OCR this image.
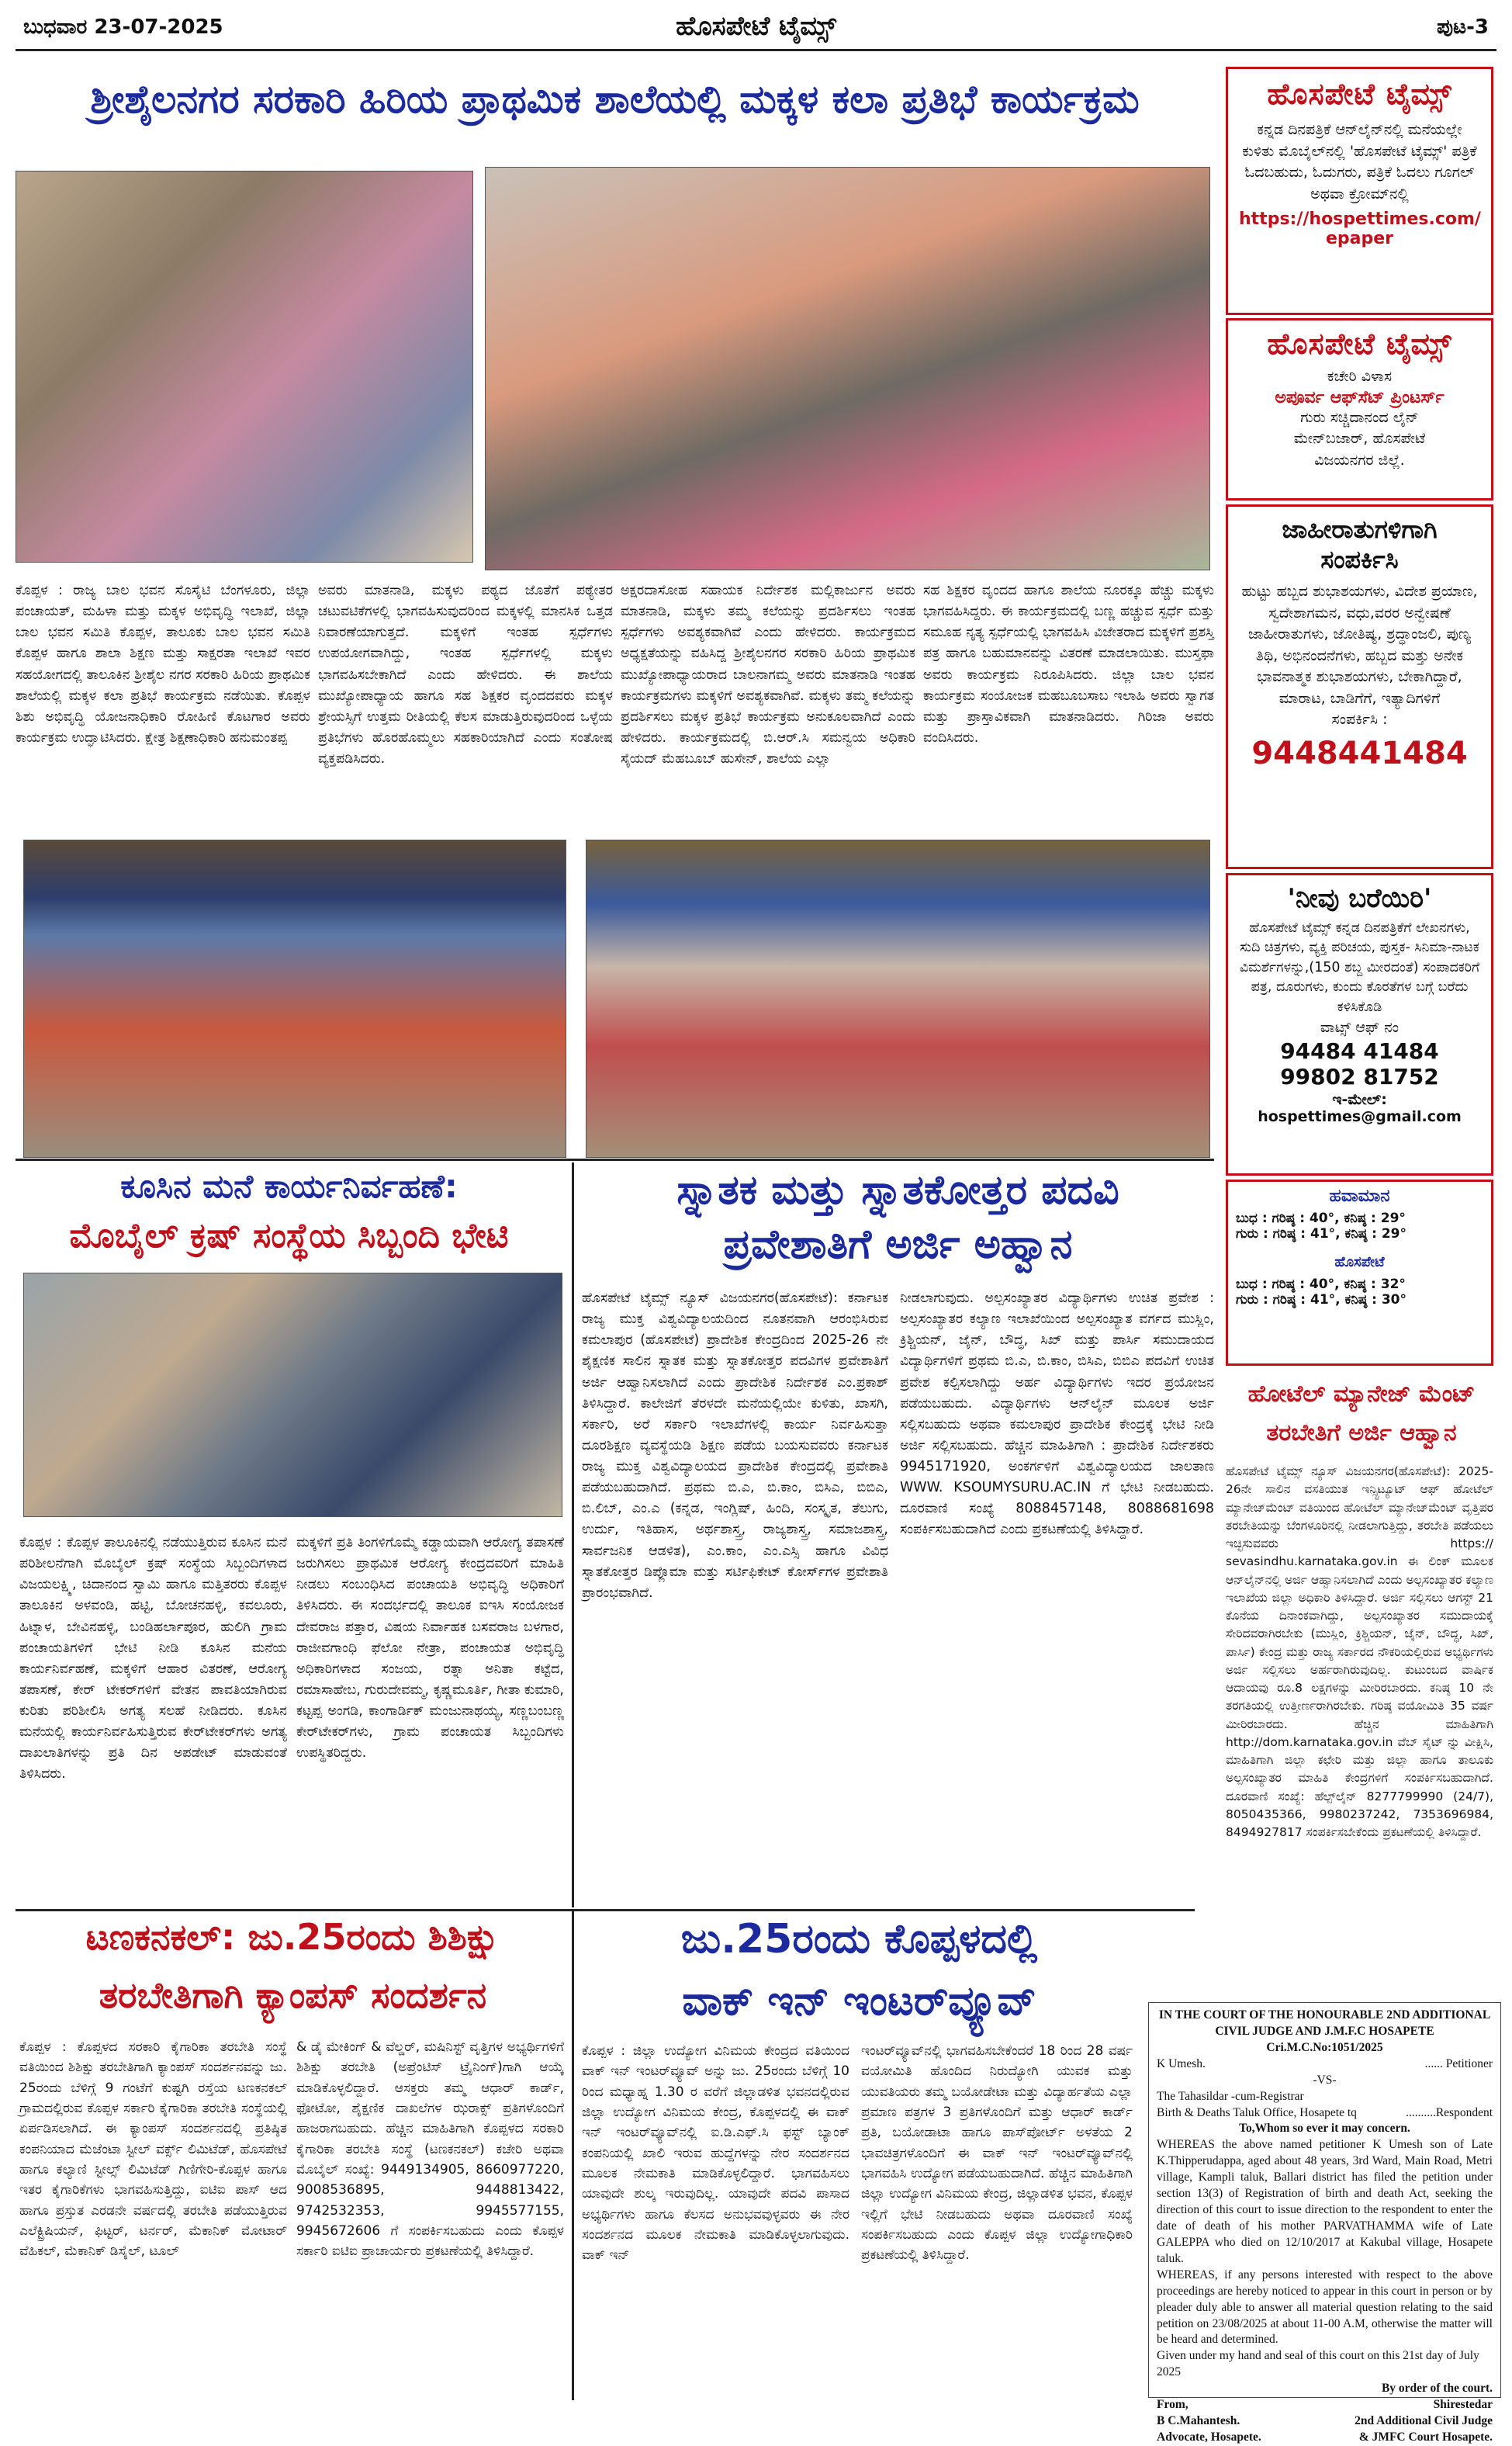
ಬುಧವಾರ 23-07-2025	ಹೊಸಪೇಟೆ ಟೈಮ್ಸ್	ಪುಟ-3
ಶ್ರೀಶೈಲನಗರ ಸರಕಾರಿ ಹಿರಿಯ ಪ್ರಾಥಮಿಕ ಶಾಲೆಯಲ್ಲಿ ಮಕ್ಕಳ ಕಲಾ ಪ್ರತಿಭೆ ಕಾರ್ಯಕ್ರಮ
ಕೊಪ್ಪಳ : ರಾಜ್ಯ ಬಾಲ ಭವನ ಸೊಸೈಟಿ ಬೆಂಗಳೂರು, ಜಿಲ್ಲಾ ಪಂಚಾಯತ್, ಮಹಿಳಾ ಮತ್ತು ಮಕ್ಕಳ ಅಭಿವೃದ್ಧಿ ಇಲಾಖೆ, ಜಿಲ್ಲಾ ಬಾಲ ಭವನ ಸಮಿತಿ ಕೊಪ್ಪಳ, ತಾಲೂಕು ಬಾಲ ಭವನ ಸಮಿತಿ ಕೊಪ್ಪಳ ಹಾಗೂ ಶಾಲಾ ಶಿಕ್ಷಣ ಮತ್ತು ಸಾಕ್ಷರತಾ ಇಲಾಖೆ ಇವರ ಸಹಯೋಗದಲ್ಲಿ ತಾಲೂಕಿನ ಶ್ರೀಶೈಲ ನಗರ ಸರಕಾರಿ ಹಿರಿಯ ಪ್ರಾಥಮಿಕ ಶಾಲೆಯಲ್ಲಿ ಮಕ್ಕಳ ಕಲಾ ಪ್ರತಿಭೆ ಕಾರ್ಯಕ್ರಮ ನಡೆಯಿತು. ಕೊಪ್ಪಳ ಶಿಶು ಅಭಿವೃದ್ಧಿ ಯೋಜನಾಧಿಕಾರಿ ರೋಹಿಣಿ ಕೊಟಗಾರ ಅವರು ಕಾರ್ಯಕ್ರಮ ಉದ್ಘಾಟಿಸಿದರು. ಕ್ಷೇತ್ರ ಶಿಕ್ಷಣಾಧಿಕಾರಿ ಹನುಮಂತಪ್ಪ
ಅವರು ಮಾತನಾಡಿ, ಮಕ್ಕಳು ಪಠ್ಯದ ಜೊತೆಗೆ ಪಠ್ಯೇತರ ಚಟುವಟಿಕೆಗಳಲ್ಲಿ ಭಾಗವಹಿಸುವುದರಿಂದ ಮಕ್ಕಳಲ್ಲಿ ಮಾನಸಿಕ ಒತ್ತಡ ನಿವಾರಣೆಯಾಗುತ್ತದೆ. ಮಕ್ಕಳಿಗೆ ಇಂತಹ ಸ್ಪರ್ಧೆಗಳು ಉಪಯೋಗವಾಗಿದ್ದು, ಇಂತಹ ಸ್ಪರ್ಧೆಗಳಲ್ಲಿ ಮಕ್ಕಳು ಭಾಗವಹಿಸಬೇಕಾಗಿದೆ ಎಂದು ಹೇಳಿದರು. ಈ ಶಾಲೆಯ ಮುಖ್ಯೋಪಾಧ್ಯಾಯ ಹಾಗೂ ಸಹ ಶಿಕ್ಷಕರ ವೃಂದದವರು ಮಕ್ಕಳ ಶ್ರೇಯಸ್ಸಿಗೆ ಉತ್ತಮ ರೀತಿಯಲ್ಲಿ ಕೆಲಸ ಮಾಡುತ್ತಿರುವುದರಿಂದ ಒಳ್ಳೆಯ ಪ್ರತಿಭೆಗಳು ಹೊರಹೊಮ್ಮಲು ಸಹಕಾರಿಯಾಗಿದೆ ಎಂದು ಸಂತೋಷ ವ್ಯಕ್ತಪಡಿಸಿದರು.
ಅಕ್ಷರದಾಸೋಹ ಸಹಾಯಕ ನಿರ್ದೇಶಕ ಮಲ್ಲಿಕಾರ್ಜುನ ಅವರು ಮಾತನಾಡಿ, ಮಕ್ಕಳು ತಮ್ಮ ಕಲೆಯನ್ನು ಪ್ರದರ್ಶಿಸಲು ಇಂತಹ ಸ್ಪರ್ಧೆಗಳು ಅವಶ್ಯಕವಾಗಿವೆ ಎಂದು ಹೇಳಿದರು. ಕಾರ್ಯಕ್ರಮದ ಅಧ್ಯಕ್ಷತೆಯನ್ನು ವಹಿಸಿದ್ದ ಶ್ರೀಶೈಲನಗರ ಸರಕಾರಿ ಹಿರಿಯ ಪ್ರಾಥಮಿಕ ಮುಖ್ಯೋಪಾಧ್ಯಾಯರಾದ ಬಾಲನಾಗಮ್ಮ ಅವರು ಮಾತನಾಡಿ ಇಂತಹ ಕಾರ್ಯಕ್ರಮಗಳು ಮಕ್ಕಳಿಗೆ ಅವಶ್ಯಕವಾಗಿವೆ. ಮಕ್ಕಳು ತಮ್ಮ ಕಲೆಯನ್ನು ಪ್ರದರ್ಶಿಸಲು ಮಕ್ಕಳ ಪ್ರತಿಭೆ ಕಾರ್ಯಕ್ರಮ ಅನುಕೂಲವಾಗಿದೆ ಎಂದು ಹೇಳಿದರು. ಕಾರ್ಯಕ್ರಮದಲ್ಲಿ ಬಿ.ಆರ್.ಸಿ ಸಮನ್ವಯ ಅಧಿಕಾರಿ ಸೈಯದ್ ಮೆಹಬೂಬ್ ಹುಸೇನ್, ಶಾಲೆಯ ಎಲ್ಲಾ
ಸಹ ಶಿಕ್ಷಕರ ವೃಂದದ ಹಾಗೂ ಶಾಲೆಯ ನೂರಕ್ಕೂ ಹೆಚ್ಚು ಮಕ್ಕಳು ಭಾಗವಹಿಸಿದ್ದರು. ಈ ಕಾರ್ಯಕ್ರಮದಲ್ಲಿ ಬಣ್ಣ ಹಚ್ಚುವ ಸ್ಪರ್ಧೆ ಮತ್ತು ಸಮೂಹ ನೃತ್ಯ ಸ್ಪರ್ಧೆಯಲ್ಲಿ ಭಾಗವಹಿಸಿ ವಿಜೇತರಾದ ಮಕ್ಕಳಿಗೆ ಪ್ರಶಸ್ತಿ ಪತ್ರ ಹಾಗೂ ಬಹುಮಾನವನ್ನು ವಿತರಣೆ ಮಾಡಲಾಯಿತು. ಮುಸ್ತಫಾ ಅವರು ಕಾರ್ಯಕ್ರಮ ನಿರೂಪಿಸಿದರು. ಜಿಲ್ಲಾ ಬಾಲ ಭವನ ಕಾರ್ಯಕ್ರಮ ಸಂಯೋಜಕ ಮಹಬೂಬಸಾಬ ಇಲಾಹಿ ಅವರು ಸ್ವಾಗತ ಮತ್ತು ಪ್ರಾಸ್ತಾವಿಕವಾಗಿ ಮಾತನಾಡಿದರು. ಗಿರಿಜಾ ಅವರು ವಂದಿಸಿದರು.
ಕೂಸಿನ ಮನೆ ಕಾರ್ಯನಿರ್ವಹಣೆ:
ಮೊಬೈಲ್ ಕ್ರಷ್ ಸಂಸ್ಥೆಯ ಸಿಬ್ಬಂದಿ ಭೇಟಿ
ಕೊಪ್ಪಳ : ಕೊಪ್ಪಳ ತಾಲೂಕಿನಲ್ಲಿ ನಡೆಯುತ್ತಿರುವ ಕೂಸಿನ ಮನೆ ಪರಿಶೀಲನೆಗಾಗಿ ಮೊಬೈಲ್ ಕ್ರಷ್ ಸಂಸ್ಥೆಯ ಸಿಬ್ಬಂದಿಗಳಾದ ವಿಜಯಲಕ್ಷ್ಮಿ, ಚಿದಾನಂದ ಸ್ವಾಮಿ ಹಾಗೂ ಮತ್ತಿತರರು ಕೊಪ್ಪಳ ತಾಲೂಕಿನ ಅಳವಂಡಿ, ಹಟ್ಟಿ, ಬೋಚನಹಳ್ಳಿ, ಕವಲೂರು, ಹಿಟ್ನಾಳ, ಬೇವಿನಹಳ್ಳಿ, ಬಂಡಿಹರ್ಲಾಪೂರ, ಹುಲಿಗಿ ಗ್ರಾಮ ಪಂಚಾಯತಿಗಳಿಗೆ ಭೇಟಿ ನೀಡಿ ಕೂಸಿನ ಮನೆಯ ಕಾರ್ಯನಿರ್ವಹಣೆ, ಮಕ್ಕಳಿಗೆ ಆಹಾರ ವಿತರಣೆ, ಆರೋಗ್ಯ ತಪಾಸಣೆ, ಕೇರ್ ಟೇಕರ್‌ಗಳಿಗೆ ವೇತನ ಪಾವತಿಯಾಗಿರುವ ಕುರಿತು ಪರಿಶೀಲಿಸಿ ಅಗತ್ಯ ಸಲಹೆ ನೀಡಿದರು. ಕೂಸಿನ ಮನೆಯಲ್ಲಿ ಕಾರ್ಯನಿರ್ವಹಿಸುತ್ತಿರುವ ಕೇರ್‌ಟೇಕರ್‌ಗಳು ಅಗತ್ಯ ದಾಖಲಾತಿಗಳನ್ನು ಪ್ರತಿ ದಿನ ಅಪಡೇಟ್ ಮಾಡುವಂತೆ ತಿಳಿಸಿದರು.
ಮಕ್ಕಳಿಗೆ ಪ್ರತಿ ತಿಂಗಳಿಗೊಮ್ಮೆ ಕಡ್ಡಾಯವಾಗಿ ಆರೋಗ್ಯ ತಪಾಸಣೆ ಜರುಗಿಸಲು ಪ್ರಾಥಮಿಕ ಆರೋಗ್ಯ ಕೇಂದ್ರದವರಿಗೆ ಮಾಹಿತಿ ನೀಡಲು ಸಂಬಂಧಿಸಿದ ಪಂಚಾಯತಿ ಅಭಿವೃದ್ಧಿ ಅಧಿಕಾರಿಗೆ ತಿಳಿಸಿದರು. ಈ ಸಂದರ್ಭದಲ್ಲಿ ತಾಲೂಕ ಐಇಸಿ ಸಂಯೋಜಕ ದೇವರಾಜ ಪತ್ತಾರ, ವಿಷಯ ನಿರ್ವಾಹಕ ಬಸವರಾಜ ಬಳಗಾರ, ರಾಜೀವಗಾಂಧಿ ಫೆಲೋ ನೇತ್ರಾ, ಪಂಚಾಯತ ಅಭಿವೃದ್ಧಿ ಅಧಿಕಾರಿಗಳಾದ ಸಂಜಯ, ರತ್ನಾ ಅನಿತಾ ಕಟ್ಟೆದ, ರಮಾಸಾಹೇಬ, ಗುರುದೇವಮ್ಮ, ಕೃಷ್ಣಮೂರ್ತಿ, ಗೀತಾ ಕುಮಾರಿ, ಕಟ್ಟಪ್ಪ ಅಂಗಡಿ, ಕಾಂಗಾರ್ಡಿಕ್ ಮಂಜುನಾಥಯ್ಯ, ಸಣ್ಣಬಂಬಣ್ಣ ಕೇರ್‌ಟೇಕರ್‌ಗಳು, ಗ್ರಾಮ ಪಂಚಾಯತ ಸಿಬ್ಬಂದಿಗಳು ಉಪಸ್ಥಿತರಿದ್ದರು.
ಸ್ನಾತಕ ಮತ್ತು ಸ್ನಾತಕೋತ್ತರ ಪದವಿ
ಪ್ರವೇಶಾತಿಗೆ ಅರ್ಜಿ ಅಹ್ವಾನ
ಹೊಸಪೇಟೆ ಟೈಮ್ಸ್ ನ್ಯೂಸ್ ವಿಜಯನಗರ(ಹೊಸಪೇಟೆ): ಕರ್ನಾಟಕ ರಾಜ್ಯ ಮುಕ್ತ ವಿಶ್ವವಿದ್ಯಾಲಯದಿಂದ ನೂತನವಾಗಿ ಆರಂಭಿಸಿರುವ ಕಮಲಾಪುರ (ಹೊಸಪೇಟೆ) ಪ್ರಾದೇಶಿಕ ಕೇಂದ್ರದಿಂದ 2025-26 ನೇ ಶೈಕ್ಷಣಿಕ ಸಾಲಿನ ಸ್ನಾತಕ ಮತ್ತು ಸ್ನಾತಕೋತ್ತರ ಪದವಿಗಳ ಪ್ರವೇಶಾತಿಗೆ ಅರ್ಜಿ ಆಹ್ವಾನಿಸಲಾಗಿದೆ ಎಂದು ಪ್ರಾದೇಶಿಕ ನಿರ್ದೇಶಕ ಎಂ.ಪ್ರಕಾಶ್ ತಿಳಿಸಿದ್ದಾರೆ. ಕಾಲೇಜಿಗೆ ತೆರಳದೇ ಮನೆಯಲ್ಲಿಯೇ ಕುಳಿತು, ಖಾಸಗಿ, ಸರ್ಕಾರಿ, ಅರೆ ಸರ್ಕಾರಿ ಇಲಾಖೆಗಳಲ್ಲಿ ಕಾರ್ಯ ನಿರ್ವಹಿಸುತ್ತಾ ದೂರಶಿಕ್ಷಣ ವ್ಯವಸ್ಥೆಯಡಿ ಶಿಕ್ಷಣ ಪಡೆಯ ಬಯಸುವವರು ಕರ್ನಾಟಕ ರಾಜ್ಯ ಮುಕ್ತ ವಿಶ್ವವಿದ್ಯಾಲಯದ ಪ್ರಾದೇಶಿಕ ಕೇಂದ್ರದಲ್ಲಿ ಪ್ರವೇಶಾತಿ ಪಡೆಯಬಹುದಾಗಿದೆ. ಪ್ರಥಮ ಬಿ.ಎ, ಬಿ.ಕಾಂ, ಬಿಸಿಎ, ಬಿಬಿಎ, ಬಿ.ಲಿಬ್, ಎಂ.ಎ (ಕನ್ನಡ, ಇಂಗ್ಲಿಷ್, ಹಿಂದಿ, ಸಂಸ್ಕೃತ, ತೆಲುಗು, ಉರ್ದು, ಇತಿಹಾಸ, ಅರ್ಥಶಾಸ್ತ್ರ, ರಾಜ್ಯಶಾಸ್ತ್ರ, ಸಮಾಜಶಾಸ್ತ್ರ, ಸಾರ್ವಜನಿಕ ಆಡಳಿತ), ಎಂ.ಕಾಂ, ಎಂ.ಎಸ್ಸಿ ಹಾಗೂ ವಿವಿಧ ಸ್ನಾತಕೋತ್ತರ ಡಿಪ್ಲೊಮಾ ಮತ್ತು ಸರ್ಟಿಫಿಕೇಟ್ ಕೋರ್ಸ್‌ಗಳ ಪ್ರವೇಶಾತಿ ಪ್ರಾರಂಭವಾಗಿದೆ.
ನೀಡಲಾಗುವುದು. ಅಲ್ಪಸಂಖ್ಯಾತರ ವಿದ್ಯಾರ್ಥಿಗಳು ಉಚಿತ ಪ್ರವೇಶ : ಅಲ್ಪಸಂಖ್ಯಾತರ ಕಲ್ಯಾಣ ಇಲಾಖೆಯಿಂದ ಅಲ್ಪಸಂಖ್ಯಾತ ವರ್ಗದ ಮುಸ್ಲಿಂ, ಕ್ರಿಶ್ಚಿಯನ್, ಜೈನ್, ಬೌದ್ಧ, ಸಿಖ್ ಮತ್ತು ಪಾರ್ಸಿ ಸಮುದಾಯದ ವಿದ್ಯಾರ್ಥಿಗಳಿಗೆ ಪ್ರಥಮ ಬಿ.ಎ, ಬಿ.ಕಾಂ, ಬಿಸಿಎ, ಬಿಬಿಎ ಪದವಿಗೆ ಉಚಿತ ಪ್ರವೇಶ ಕಲ್ಪಿಸಲಾಗಿದ್ದು ಅರ್ಹ ವಿದ್ಯಾರ್ಥಿಗಳು ಇದರ ಪ್ರಯೋಜನ ಪಡೆಯಬಹುದು. ವಿದ್ಯಾರ್ಥಿಗಳು ಆನ್‌ಲೈನ್ ಮೂಲಕ ಅರ್ಜಿ ಸಲ್ಲಿಸಬಹುದು ಅಥವಾ ಕಮಲಾಪುರ ಪ್ರಾದೇಶಿಕ ಕೇಂದ್ರಕ್ಕೆ ಭೇಟಿ ನೀಡಿ ಅರ್ಜಿ ಸಲ್ಲಿಸಬಹುದು. ಹೆಚ್ಚಿನ ಮಾಹಿತಿಗಾಗಿ : ಪ್ರಾದೇಶಿಕ ನಿರ್ದೇಶಕರು 9945171920, ಅಂಕರ್ಗಳಿಗೆ ವಿಶ್ವವಿದ್ಯಾಲಯದ ಜಾಲತಾಣ WWW. KSOUMYSURU.AC.IN ಗೆ ಭೇಟಿ ನೀಡಬಹುದು. ದೂರವಾಣಿ ಸಂಖ್ಯೆ 8088457148, 8088681698 ಸಂಪರ್ಕಿಸಬಹುದಾಗಿದೆ ಎಂದು ಪ್ರಕಟಣೆಯಲ್ಲಿ ತಿಳಿಸಿದ್ದಾರೆ.
ಟಣಕನಕಲ್: ಜು.25ರಂದು ಶಿಶಿಕ್ಷು
ತರಬೇತಿಗಾಗಿ ಕ್ಯಾಂಪಸ್ ಸಂದರ್ಶನ
ಕೊಪ್ಪಳ : ಕೊಪ್ಪಳದ ಸರಕಾರಿ ಕೈಗಾರಿಕಾ ತರಬೇತಿ ಸಂಸ್ಥೆ ವತಿಯಿಂದ ಶಿಶಿಕ್ಷು ತರಬೇತಿಗಾಗಿ ಕ್ಯಾಂಪಸ್ ಸಂದರ್ಶನವನ್ನು ಜು. 25ರಂದು ಬೆಳಿಗ್ಗೆ 9 ಗಂಟೆಗೆ ಕುಷ್ಟಗಿ ರಸ್ತೆಯ ಟಣಕನಕಲ್ ಗ್ರಾಮದಲ್ಲಿರುವ ಕೊಪ್ಪಳ ಸರ್ಕಾರಿ ಕೈಗಾರಿಕಾ ತರಬೇತಿ ಸಂಸ್ಥೆಯಲ್ಲಿ ಏರ್ಪಡಿಸಲಾಗಿದೆ. ಈ ಕ್ಯಾಂಪಸ್ ಸಂದರ್ಶನದಲ್ಲಿ ಪ್ರತಿಷ್ಠಿತ ಕಂಪನಿಯಾದ ಮೆಜೆಂಟಾ ಸ್ಟೀಲ್ ವರ್ಕ್ಸ್ ಲಿಮಿಟೆಡ್, ಹೊಸಪೇಟೆ ಹಾಗೂ ಕಲ್ಯಾಣಿ ಸ್ಟೀಲ್ಸ್ ಲಿಮಿಟೆಡ್ ಗಿಣಿಗೇರಿ-ಕೊಪ್ಪಳ ಹಾಗೂ ಇತರ ಕೈಗಾರಿಕೆಗಳು ಭಾಗವಹಿಸುತ್ತಿದ್ದು, ಐಟಿಐ ಪಾಸ್ ಆದ ಹಾಗೂ ಪ್ರಸ್ತುತ ಎರಡನೇ ವರ್ಷದಲ್ಲಿ ತರಬೇತಿ ಪಡೆಯುತ್ತಿರುವ ಎಲೆಕ್ಟ್ರಿಷಿಯನ್, ಫಿಟ್ಟರ್, ಟರ್ನರ್, ಮೆಕಾನಿಕ್ ಮೋಟಾರ್ ವೆಹಿಕಲ್, ಮೆಕಾನಿಕ್ ಡಿಸೈಲ್, ಟೂಲ್
& ಡೈ ಮೇಕಿಂಗ್ & ವೆಲ್ಡರ್, ಮಷಿನಿಸ್ಟ್ ವೃತ್ತಿಗಳ ಅಭ್ಯರ್ಥಿಗಳಿಗೆ ಶಿಶಿಕ್ಷು ತರಬೇತಿ (ಅಪ್ರೆಂಟಿಸ್ ಟ್ರೈನಿಂಗ್)ಗಾಗಿ ಆಯ್ಕೆ ಮಾಡಿಕೊಳ್ಳಲಿದ್ದಾರೆ. ಆಸಕ್ತರು ತಮ್ಮ ಆಧಾರ್ ಕಾರ್ಡ್, ಫೋಟೋ, ಶೈಕ್ಷಣಿಕ ದಾಖಲೆಗಳ ಝರಾಕ್ಸ್ ಪ್ರತಿಗಳೊಂದಿಗೆ ಹಾಜರಾಗಬಹುದು. ಹೆಚ್ಚಿನ ಮಾಹಿತಿಗಾಗಿ ಕೊಪ್ಪಳದ ಸರಕಾರಿ ಕೈಗಾರಿಕಾ ತರಬೇತಿ ಸಂಸ್ಥೆ (ಟಣಕನಕಲ್) ಕಚೇರಿ ಅಥವಾ ಮೊಬೈಲ್ ಸಂಖ್ಯೆ: 9449134905, 8660977220, 9008536895, 9448813422, 9742532353, 9945577155, 9945672606 ಗೆ ಸಂಪರ್ಕಿಸಬಹುದು ಎಂದು ಕೊಪ್ಪಳ ಸರ್ಕಾರಿ ಐಟಿಐ ಪ್ರಾಚಾರ್ಯರು ಪ್ರಕಟಣೆಯಲ್ಲಿ ತಿಳಿಸಿದ್ದಾರೆ.
ಜು.25ರಂದು ಕೊಪ್ಪಳದಲ್ಲಿ
ವಾಕ್ ಇನ್ ಇಂಟರ್‌ವ್ಯೂವ್
ಕೊಪ್ಪಳ : ಜಿಲ್ಲಾ ಉದ್ಯೋಗ ವಿನಿಮಯ ಕೇಂದ್ರದ ವತಿಯಿಂದ ವಾಕ್ ಇನ್ ಇಂಟರ್‌ವ್ಯೂವ್ ಅನ್ನು ಜು. 25ರಂದು ಬೆಳಿಗ್ಗೆ 10 ರಿಂದ ಮಧ್ಯಾಹ್ನ 1.30 ರ ವರೆಗೆ ಜಿಲ್ಲಾಡಳಿತ ಭವನದಲ್ಲಿರುವ ಜಿಲ್ಲಾ ಉದ್ಯೋಗ ವಿನಿಮಯ ಕೇಂದ್ರ, ಕೊಪ್ಪಳದಲ್ಲಿ ಈ ವಾಕ್ ಇನ್ ಇಂಟರ್‌ವ್ಯೂವ್‌ನಲ್ಲಿ ಐ.ಡಿ.ಎಫ್.ಸಿ ಫಸ್ಟ್ ಬ್ಯಾಂಕ್ ಕಂಪನಿಯಲ್ಲಿ ಖಾಲಿ ಇರುವ ಹುದ್ದೆಗಳನ್ನು ನೇರ ಸಂದರ್ಶನದ ಮೂಲಕ ನೇಮಕಾತಿ ಮಾಡಿಕೊಳ್ಳಲಿದ್ದಾರೆ. ಭಾಗವಹಿಸಲು ಯಾವುದೇ ಶುಲ್ಕ ಇರುವುದಿಲ್ಲ. ಯಾವುದೇ ಪದವಿ ಪಾಸಾದ ಅಭ್ಯರ್ಥಿಗಳು ಹಾಗೂ ಕೆಲಸದ ಅನುಭವವುಳ್ಳವರು ಈ ನೇರ ಸಂದರ್ಶನದ ಮೂಲಕ ನೇಮಕಾತಿ ಮಾಡಿಕೊಳ್ಳಲಾಗುವುದು. ವಾಕ್ ಇನ್
ಇಂಟರ್‌ವ್ಯೂವ್‌ನಲ್ಲಿ ಭಾಗವಹಿಸಬೇಕೆಂದರೆ 18 ರಿಂದ 28 ವರ್ಷ ವಯೋಮಿತಿ ಹೊಂದಿದ ನಿರುದ್ಯೋಗಿ ಯುವಕ ಮತ್ತು ಯುವತಿಯರು ತಮ್ಮ ಬಯೋಡೇಟಾ ಮತ್ತು ವಿದ್ಯಾರ್ಹತೆಯ ಎಲ್ಲಾ ಪ್ರಮಾಣ ಪತ್ರಗಳ 3 ಪ್ರತಿಗಳೊಂದಿಗೆ ಮತ್ತು ಆಧಾರ್ ಕಾರ್ಡ್ ಪ್ರತಿ, ಬಯೋಡಾಟಾ ಹಾಗೂ ಪಾಸ್‌ಪೋರ್ಟ್ ಅಳತೆಯ 2 ಭಾವಚಿತ್ರಗಳೊಂದಿಗೆ ಈ ವಾಕ್ ಇನ್ ಇಂಟರ್‌ವ್ಯೂವ್‌ನಲ್ಲಿ ಭಾಗವಹಿಸಿ ಉದ್ಯೋಗ ಪಡೆಯಬಹುದಾಗಿದೆ. ಹೆಚ್ಚಿನ ಮಾಹಿತಿಗಾಗಿ ಜಿಲ್ಲಾ ಉದ್ಯೋಗ ವಿನಿಮಯ ಕೇಂದ್ರ, ಜಿಲ್ಲಾಡಳಿತ ಭವನ, ಕೊಪ್ಪಳ ಇಲ್ಲಿಗೆ ಭೇಟಿ ನೀಡಬಹುದು ಅಥವಾ ದೂರವಾಣಿ ಸಂಖ್ಯೆ ಸಂಪರ್ಕಿಸಬಹುದು ಎಂದು ಕೊಪ್ಪಳ ಜಿಲ್ಲಾ ಉದ್ಯೋಗಾಧಿಕಾರಿ ಪ್ರಕಟಣೆಯಲ್ಲಿ ತಿಳಿಸಿದ್ದಾರೆ.
ಹೊಸಪೇಟೆ ಟೈಮ್ಸ್
ಕನ್ನಡ ದಿನಪತ್ರಿಕೆ ಆನ್‌ಲೈನ್‌ನಲ್ಲಿ ಮನೆಯಲ್ಲೇ ಕುಳಿತು ಮೊಬೈಲ್‌ನಲ್ಲಿ 'ಹೊಸಪೇಟೆ ಟೈಮ್ಸ್' ಪತ್ರಿಕೆ ಓದಬಹುದು, ಓದುಗರು, ಪತ್ರಿಕೆ ಓದಲು ಗೂಗಲ್ ಅಥವಾ ಕ್ರೋಮ್‌ನಲ್ಲಿ
https://hospettimes.com/
epaper
ಹೊಸಪೇಟೆ ಟೈಮ್ಸ್
ಕಚೇರಿ ವಿಳಾಸ
ಅಪೂರ್ವ ಆಫ್‌ಸೆಟ್ ಪ್ರಿಂಟರ್ಸ್
ಗುರು ಸಚ್ಚಿದಾನಂದ ಲೈನ್
ಮೇನ್‌ಬಜಾರ್, ಹೊಸಪೇಟೆ
ವಿಜಯನಗರ ಜಿಲ್ಲೆ.
ಜಾಹೀರಾತುಗಳಿಗಾಗಿ
ಸಂಪರ್ಕಿಸಿ
ಹುಟ್ಟು ಹಬ್ಬದ ಶುಭಾಶಯಗಳು, ವಿದೇಶ ಪ್ರಯಾಣ, ಸ್ವದೇಶಾಗಮನ, ವಧು,ವರರ ಅನ್ವೇಷಣೆ ಜಾಹೀರಾತುಗಳು, ಜೋತಿಷ್ಯ, ಶ್ರದ್ಧಾಂಜಲಿ, ಪುಣ್ಯ ತಿಥಿ, ಅಭಿನಂದನೆಗಳು, ಹಬ್ಬದ ಮತ್ತು ಅನೇಕ ಭಾವನಾತ್ಮಕ ಶುಭಾಶಯಗಳು, ಬೇಕಾಗಿದ್ದಾರೆ, ಮಾರಾಟ, ಬಾಡಿಗೆಗೆ, ಇತ್ಯಾದಿಗಳಿಗೆ
ಸಂಪರ್ಕಿಸಿ :
9448441484
'ನೀವು ಬರೆಯಿರಿ'
ಹೊಸಪೇಟೆ ಟೈಮ್ಸ್ ಕನ್ನಡ ದಿನಪತ್ರಿಕೆಗೆ ಲೇಖನಗಳು, ಸುದಿ ಚಿತ್ರಗಳು, ವ್ಯಕ್ತಿ ಪರಿಚಯ, ಪುಸ್ತಕ- ಸಿನಿಮಾ-ನಾಟಕ ವಿಮರ್ಶೆಗಳನ್ನು,(150 ಶಬ್ದ ಮೀರದಂತೆ) ಸಂಪಾದಕರಿಗೆ ಪತ್ರ, ದೂರುಗಳು, ಕುಂದು ಕೊರತೆಗಳ ಬಗ್ಗೆ ಬರೆದು ಕಳಿಸಿಕೊಡಿ
ವಾಟ್ಸ್ ಆಫ್ ನಂ
94484 41484
99802 81752
ಇ-ಮೇಲ್: hospettimes@gmail.com
ಹವಾಮಾನ
ಬುಧ : ಗರಿಷ್ಠ : 40°, ಕನಿಷ್ಠ : 29°
ಗುರು : ಗರಿಷ್ಠ : 41°, ಕನಿಷ್ಠ : 29°
ಹೊಸಪೇಟೆ
ಬುಧ : ಗರಿಷ್ಠ : 40°, ಕನಿಷ್ಠ : 32°
ಗುರು : ಗರಿಷ್ಠ : 41°, ಕನಿಷ್ಠ : 30°
ಹೋಟೆಲ್ ಮ್ಯಾನೇಜ್ ಮೆಂಟ್
ತರಬೇತಿಗೆ ಅರ್ಜಿ ಆಹ್ವಾನ
ಹೊಸಪೇಟೆ ಟೈಮ್ಸ್ ನ್ಯೂಸ್ ವಿಜಯನಗರ(ಹೊಸಪೇಟೆ): 2025-26ನೇ ಸಾಲಿನ ವಸತಿಯುತ ಇನ್ಸ್ಟಿಟ್ಯೂಟ್ ಆಫ್ ಹೋಟೆಲ್ ಮ್ಯಾನೇಜ್‌ಮೆಂಟ್ ವತಿಯಿಂದ ಹೋಟೆಲ್ ಮ್ಯಾನೇಜ್‌ಮೆಂಟ್ ವೃತ್ತಿಪರ ತರಬೇತಿಯನ್ನು ಬೆಂಗಳೂರಿನಲ್ಲಿ ನೀಡಲಾಗುತ್ತಿದ್ದು, ತರಬೇತಿ ಪಡೆಯಲು ಇಚ್ಛಿಸುವವರು https:// sevasindhu.karnataka.gov.in ಈ ಲಿಂಕ್ ಮೂಲಕ ಆನ್‌ಲೈನ್‌ನಲ್ಲಿ ಅರ್ಜಿ ಆಹ್ವಾನಿಸಲಾಗಿದೆ ಎಂದು ಅಲ್ಪಸಂಖ್ಯಾತರ ಕಲ್ಯಾಣ ಇಲಾಖೆಯ ಜಿಲ್ಲಾ ಅಧಿಕಾರಿ ತಿಳಿಸಿದ್ದಾರೆ. ಅರ್ಜಿ ಸಲ್ಲಿಸಲು ಆಗಸ್ಟ್ 21 ಕೊನೆಯ ದಿನಾಂಕವಾಗಿದ್ದು, ಅಲ್ಪಸಂಖ್ಯಾತರ ಸಮುದಾಯಕ್ಕೆ ಸೇರಿದವರಾಗಿರಬೇಕು (ಮುಸ್ಲಿಂ, ಕ್ರಿಶ್ಚಿಯನ್, ಜೈನ್, ಬೌದ್ಧ, ಸಿಖ್, ಪಾರ್ಸಿ) ಕೇಂದ್ರ ಮತ್ತು ರಾಜ್ಯ ಸರ್ಕಾರದ ನೌಕರಿಯಲ್ಲಿರುವ ಅಭ್ಯರ್ಥಿಗಳು ಅರ್ಜಿ ಸಲ್ಲಿಸಲು ಅರ್ಹರಾಗಿರುವುದಿಲ್ಲ. ಕುಟುಂಬದ ವಾರ್ಷಿಕ ಆದಾಯವು ರೂ.8 ಲಕ್ಷಗಳನ್ನು ಮೀರಿರಬಾರದು. ಕನಿಷ್ಠ 10 ನೇ ತರಗತಿಯಲ್ಲಿ ಉತ್ತೀರ್ಣರಾಗಿರಬೇಕು. ಗರಿಷ್ಠ ವಯೋಮಿತಿ 35 ವರ್ಷ ಮೀರಿರಬಾರದು. ಹೆಚ್ಚಿನ ಮಾಹಿತಿಗಾಗಿ http://dom.karnataka.gov.in ವೆಬ್ ಸೈಟ್ ನ್ನು ವೀಕ್ಷಿಸಿ, ಮಾಹಿತಿಗಾಗಿ ಜಿಲ್ಲಾ ಕಛೇರಿ ಮತ್ತು ಜಿಲ್ಲಾ ಹಾಗೂ ತಾಲೂಕು ಅಲ್ಪಸಂಖ್ಯಾತರ ಮಾಹಿತಿ ಕೇಂದ್ರಗಳಿಗೆ ಸಂಪರ್ಕಿಸಬಹುದಾಗಿದೆ. ದೂರವಾಣಿ ಸಂಖ್ಯೆ: ಹೆಲ್ಪ್‌ಲೈನ್ 8277799990 (24/7), 8050435366, 9980237242, 7353696984, 8494927817 ಸಂಪರ್ಕಿಸಬೇಕೆಂದು ಪ್ರಕಟಣೆಯಲ್ಲಿ ತಿಳಿಸಿದ್ದಾರೆ.
IN THE COURT OF THE HONOURABLE 2ND ADDITIONAL CIVIL JUDGE AND J.M.F.C HOSAPETE
Cri.M.C.No:1051/2025
K Umesh.	...... Petitioner
-VS-
The Tahasildar -cum-Registrar
Birth & Deaths Taluk Office, Hosapete tq	..........Respondent
To,Whom so ever it may concern.
WHEREAS the above named petitioner K Umesh son of Late K.Thipperudappa, aged about 48 years, 3rd Ward, Main Road, Metri village, Kampli taluk, Ballari district has filed the petition under section 13(3) of Registration of birth and death Act, seeking the direction of this court to issue direction to the respondent to enter the date of death of his mother PARVATHAMMA wife of Late GALEPPA who died on 12/10/2017 at Kakubal village, Hosapete taluk.
WHEREAS, if any persons interested with respect to the above proceedings are hereby noticed to appear in this court in person or by pleader duly able to answer all material question relating to the said petition on 23/08/2025 at about 11-00 A.M, otherwise the matter will be heard and determined.
Given under my hand and seal of this court on this 21st day of July 2025
By order of the court.
From,
B C.Mahantesh.
Advocate, Hosapete.
Shirestedar
2nd Additional Civil Judge
& JMFC Court Hosapete.
